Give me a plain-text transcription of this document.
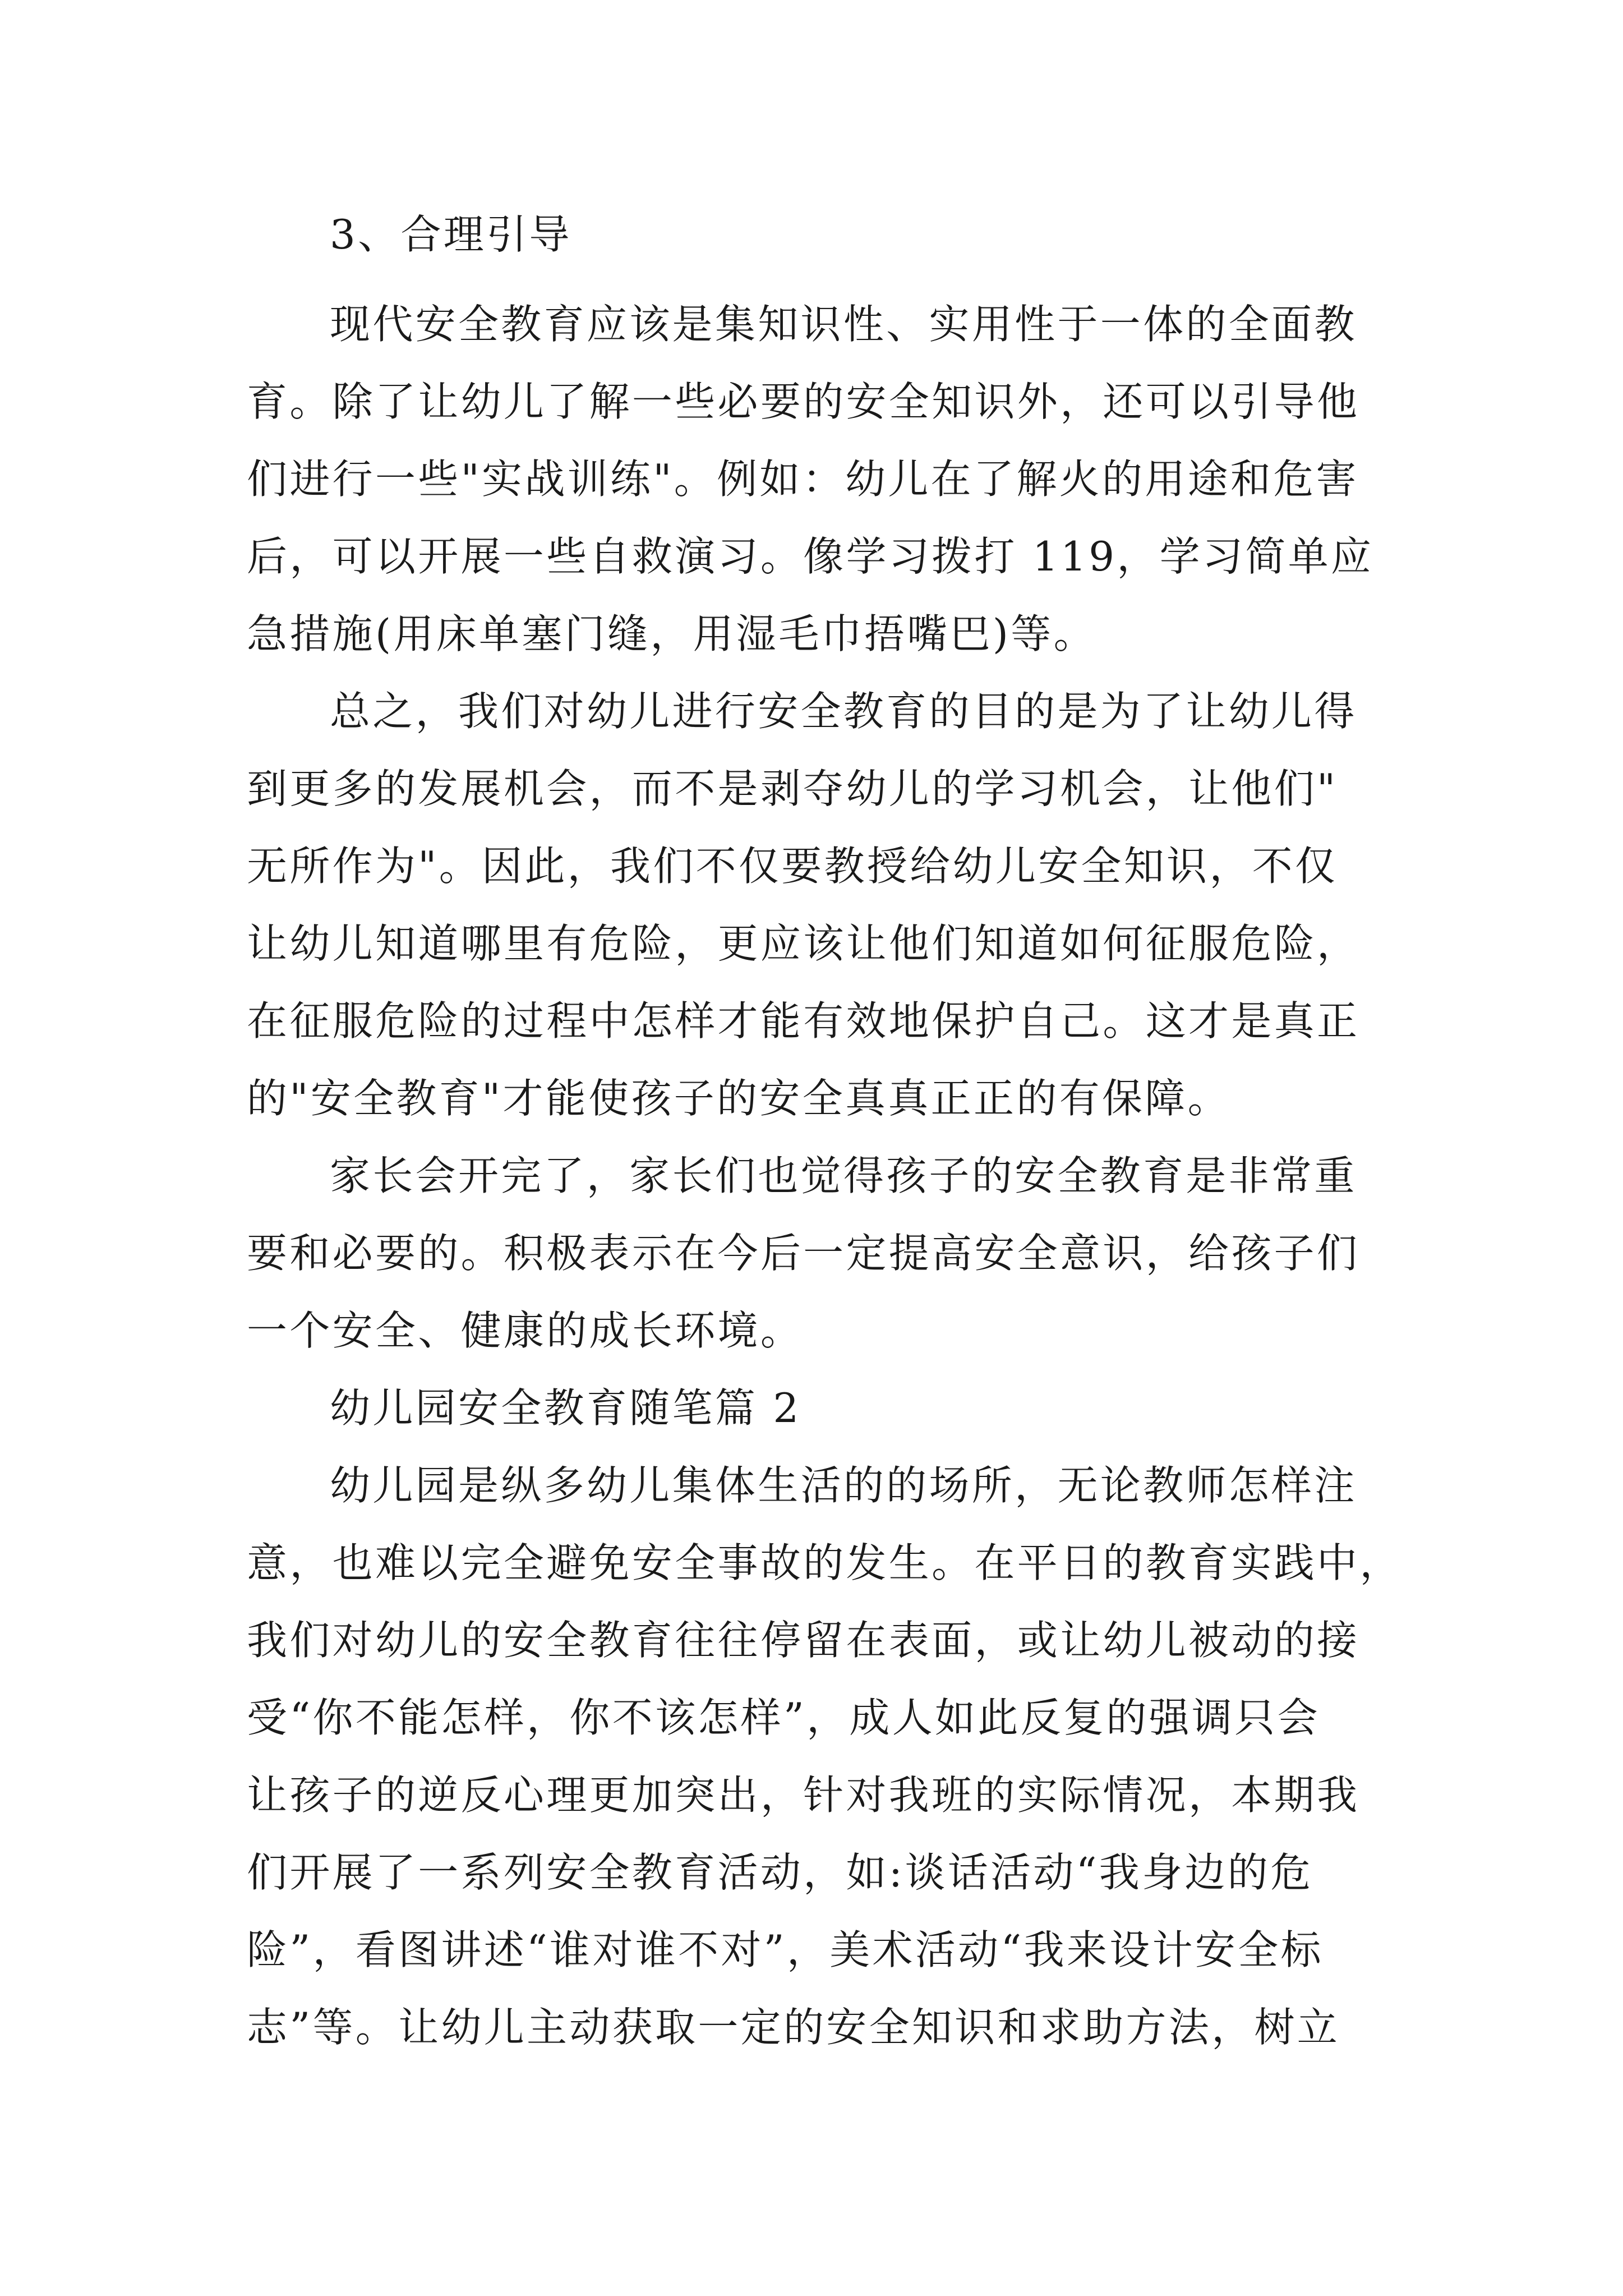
3、合理引导
现代安全教育应该是集知识性、实用性于一体的全面教
育。除了让幼儿了解一些必要的安全知识外，还可以引导他
们进行一些"实战训练"。例如：幼儿在了解火的用途和危害
后，可以开展一些自救演习。像学习拨打 119，学习简单应
急措施(用床单塞门缝，用湿毛巾捂嘴巴)等。
总之，我们对幼儿进行安全教育的目的是为了让幼儿得
到更多的发展机会，而不是剥夺幼儿的学习机会，让他们"
无所作为"。因此，我们不仅要教授给幼儿安全知识，不仅
让幼儿知道哪里有危险，更应该让他们知道如何征服危险，
在征服危险的过程中怎样才能有效地保护自己。这才是真正
的"安全教育"才能使孩子的安全真真正正的有保障。
家长会开完了，家长们也觉得孩子的安全教育是非常重
要和必要的。积极表示在今后一定提高安全意识，给孩子们
一个安全、健康的成长环境。
幼儿园安全教育随笔篇 2
幼儿园是纵多幼儿集体生活的的场所，无论教师怎样注
意，也难以完全避免安全事故的发生。在平日的教育实践中，
我们对幼儿的安全教育往往停留在表面，或让幼儿被动的接
受“你不能怎样，你不该怎样”，成人如此反复的强调只会
让孩子的逆反心理更加突出，针对我班的实际情况，本期我
们开展了一系列安全教育活动，如:谈话活动“我身边的危
险”，看图讲述“谁对谁不对”，美术活动“我来设计安全标
志”等。让幼儿主动获取一定的安全知识和求助方法，树立
